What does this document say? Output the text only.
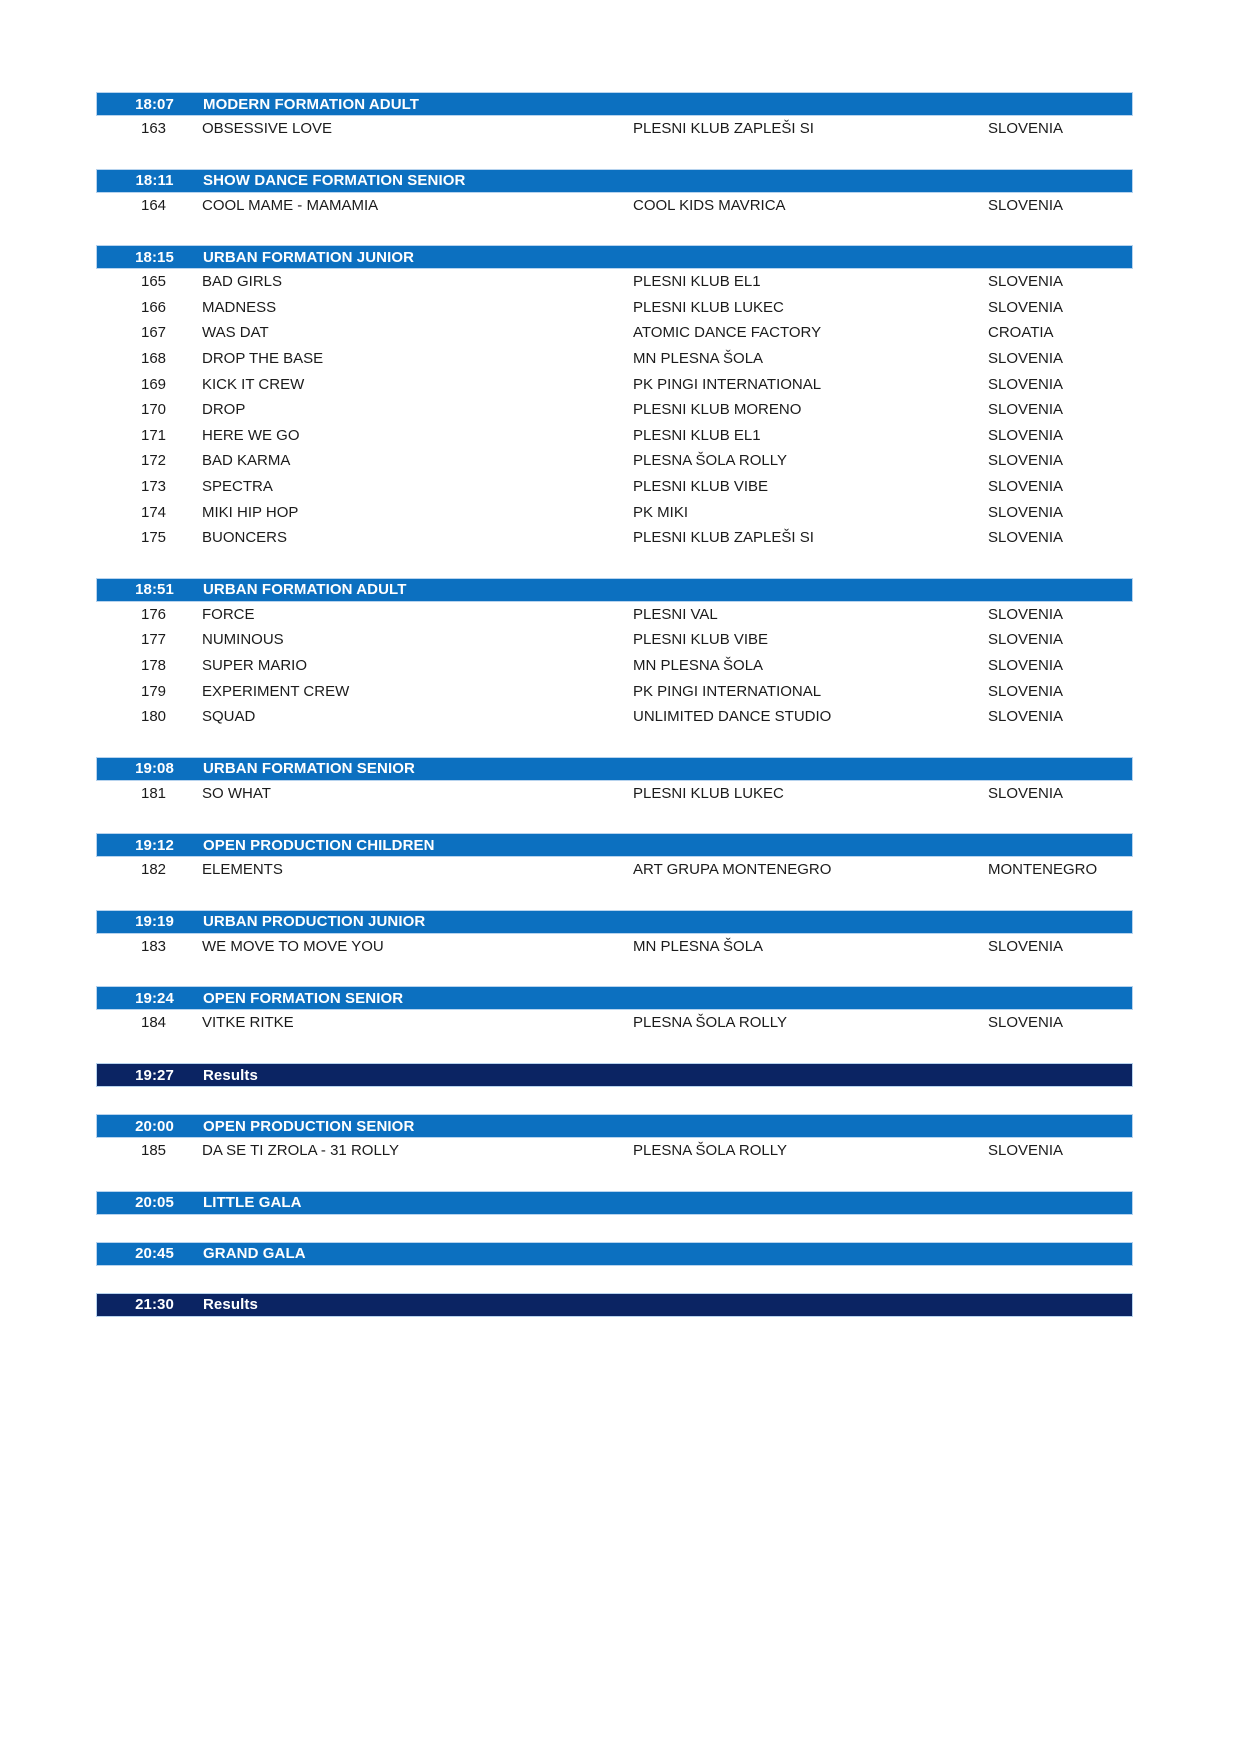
18:07	MODERN FORMATION ADULT
163	OBSESSIVE LOVE	PLESNI KLUB ZAPLEŠI SI	SLOVENIA
18:11	SHOW DANCE FORMATION SENIOR
164	COOL MAME - MAMAMIA	COOL KIDS MAVRICA	SLOVENIA
18:15	URBAN FORMATION JUNIOR
165	BAD GIRLS	PLESNI KLUB EL1	SLOVENIA
166	MADNESS	PLESNI KLUB LUKEC	SLOVENIA
167	WAS DAT	ATOMIC DANCE FACTORY	CROATIA
168	DROP THE BASE	MN PLESNA ŠOLA	SLOVENIA
169	KICK IT CREW	PK PINGI INTERNATIONAL	SLOVENIA
170	DROP	PLESNI KLUB MORENO	SLOVENIA
171	HERE WE GO	PLESNI KLUB EL1	SLOVENIA
172	BAD KARMA	PLESNA ŠOLA ROLLY	SLOVENIA
173	SPECTRA	PLESNI KLUB VIBE	SLOVENIA
174	MIKI HIP HOP	PK MIKI	SLOVENIA
175	BUONCERS	PLESNI KLUB ZAPLEŠI SI	SLOVENIA
18:51	URBAN FORMATION ADULT
176	FORCE	PLESNI VAL	SLOVENIA
177	NUMINOUS	PLESNI KLUB VIBE	SLOVENIA
178	SUPER MARIO	MN PLESNA ŠOLA	SLOVENIA
179	EXPERIMENT CREW	PK PINGI INTERNATIONAL	SLOVENIA
180	SQUAD	UNLIMITED DANCE STUDIO	SLOVENIA
19:08	URBAN FORMATION SENIOR
181	SO WHAT	PLESNI KLUB LUKEC	SLOVENIA
19:12	OPEN PRODUCTION CHILDREN
182	ELEMENTS	ART GRUPA MONTENEGRO	MONTENEGRO
19:19	URBAN PRODUCTION JUNIOR
183	WE MOVE TO MOVE YOU	MN PLESNA ŠOLA	SLOVENIA
19:24	OPEN FORMATION SENIOR
184	VITKE RITKE	PLESNA ŠOLA ROLLY	SLOVENIA
19:27	Results
20:00	OPEN PRODUCTION SENIOR
185	DA SE TI ZROLA - 31 ROLLY	PLESNA ŠOLA ROLLY	SLOVENIA
20:05	LITTLE GALA
20:45	GRAND GALA
21:30	Results
